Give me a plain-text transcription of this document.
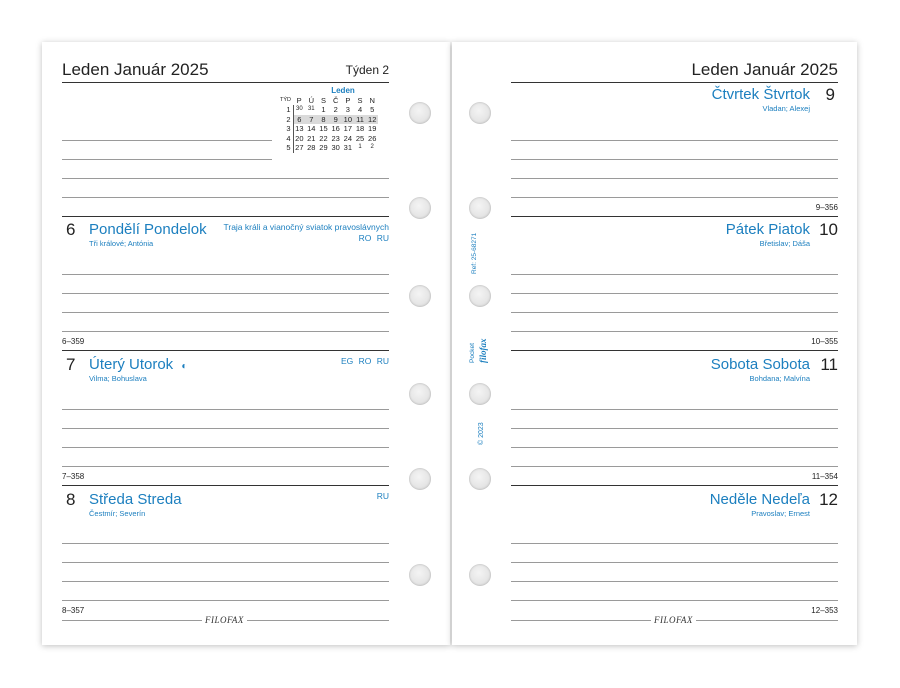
Leden Január 2025	Týden 2
Leden
TÝD	P	Ú	S	Č	P	S	N
1	30	31	1	2	3	4	5
2	6	7	8	9	10	11	12
3	13	14	15	16	17	18	19
4	20	21	22	23	24	25	26
5	27	28	29	30	31	1	2
6 Pondělí Pondelok
Tři králové; Antónia
Traja králi a vianočný sviatok pravoslávnych
RO RU
6–359
7 Úterý Utorok ◐
Vilma; Bohuslava
EG RO RU
7–358
8 Středa Streda
Čestmír; Severín
RU
8–357
FILOFAX
Ref: 25-68271
Pocket filofax
© 2023
Leden Január 2025
9
Čtvrtek Štvrtok
Vladan; Alexej
9–356
10
Pátek Piatok
Břetislav; Dáša
10–355
11
Sobota Sobota
Bohdana; Malvína
11–354
12
Neděle Nedeľa
Pravoslav; Ernest
12–353
FILOFAX
